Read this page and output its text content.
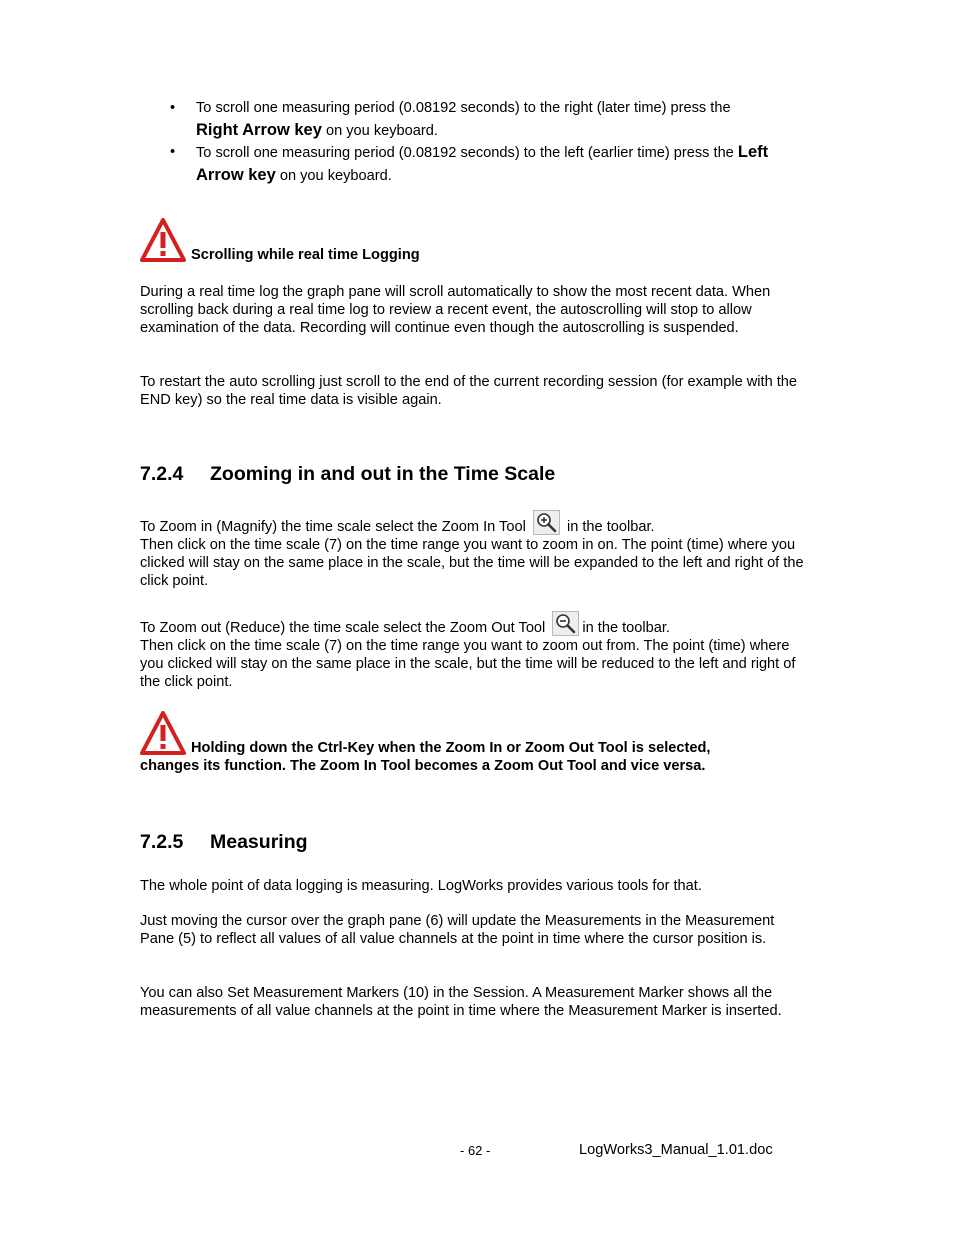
• To scroll one measuring period (0.08192 seconds) to the right (later time) press the
Right Arrow key on you keyboard.
• To scroll one measuring period (0.08192 seconds) to the left (earlier time) press the Left
Arrow key on you keyboard.
Scrolling while real time Logging
During a real time log the graph pane will scroll automatically to show the most recent data. When scrolling back during a real time log to review a recent event, the autoscrolling will stop to allow examination of the data. Recording will continue even though the autoscrolling is suspended.
To restart the auto scrolling just scroll to the end of the current recording session (for example with the END key) so the real time data is visible again.
7.2.4 Zooming in and out in the Time Scale
To Zoom in (Magnify) the time scale select the Zoom In Tool	in the toolbar.
Then click on the time scale (7) on the time range you want to zoom in on. The point (time) where you clicked will stay on the same place in the scale, but the time will be expanded to the left and right of the click point.
To Zoom out (Reduce) the time scale select the Zoom Out Tool	in the toolbar.
Then click on the time scale (7) on the time range you want to zoom out from. The point (time) where you clicked will stay on the same place in the scale, but the time will be reduced to the left and right of the click point.
Holding down the Ctrl-Key when the Zoom In or Zoom Out Tool is selected,
changes its function. The Zoom In Tool becomes a Zoom Out Tool and vice versa.
7.2.5 Measuring
The whole point of data logging is measuring. LogWorks provides various tools for that.
Just moving the cursor over the graph pane (6) will update the Measurements in the Measurement Pane (5) to reflect all values of all value channels at the point in time where the cursor position is.
You can also Set Measurement Markers (10) in the Session. A Measurement Marker shows all the measurements of all value channels at the point in time where the Measurement Marker is inserted.
- 62 -	LogWorks3_Manual_1.01.doc
